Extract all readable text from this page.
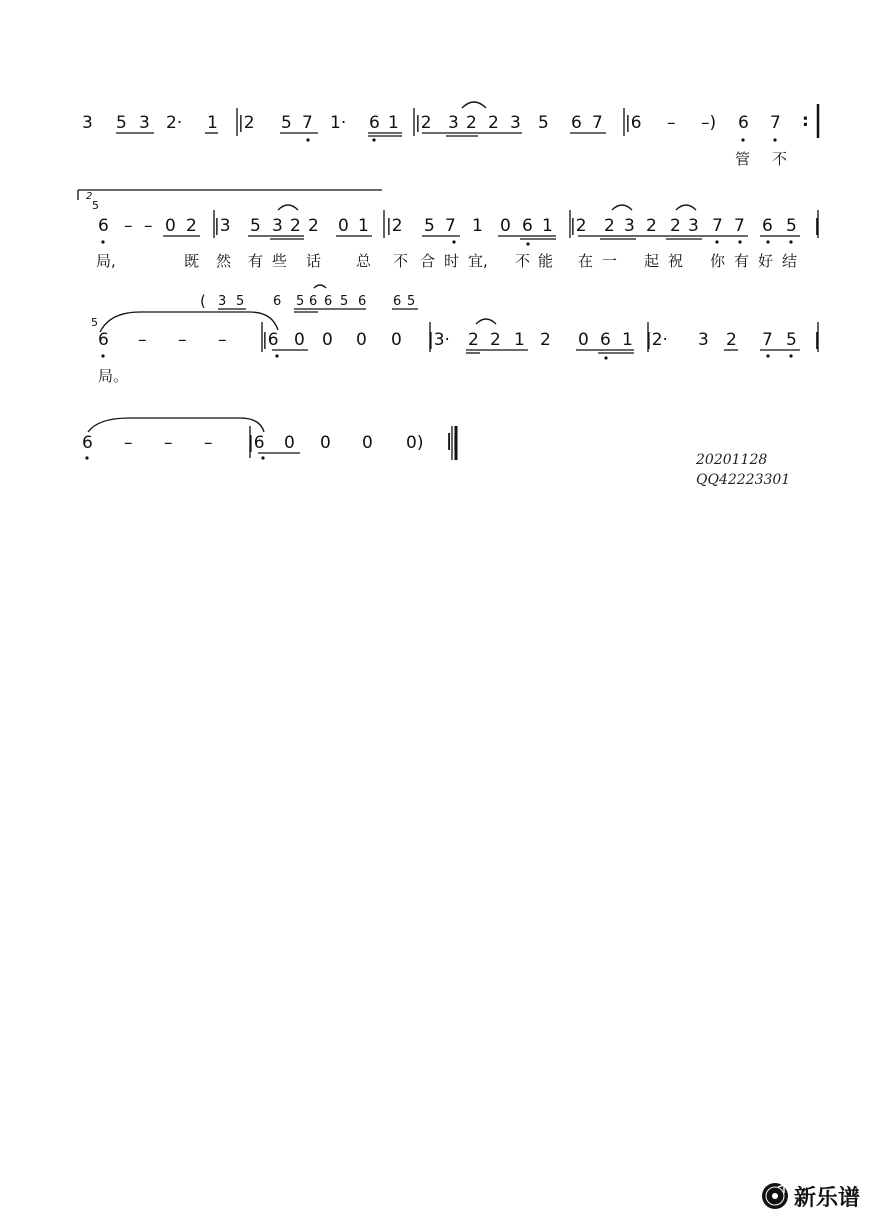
3 5 3 2· 1 |2 5 7 1· 6 1 |2 3 2 2 3 5 6 7 |6 – –) 6 7 :
管 不
2
5
6 – – 0 2 |3 5 3 2 2 0 1 |2 5 7 1 0 6 1 |2 2 3 2 2 3 7 7 6 5 |
局,	既 然 有 些 话 总 不 合 时 宜, 不 能 在 一 起 祝 你 有 好 结
( 3 5 6 5 6 6 5 6 6 5
5
6 – – – |6 0 0 0 0 |3· 2 2 1 2 0 6 1 |2· 3 2 7 5 |
局。
6 – – – |6 0 0 0 0) ||
20201128
QQ42223301
新乐谱
